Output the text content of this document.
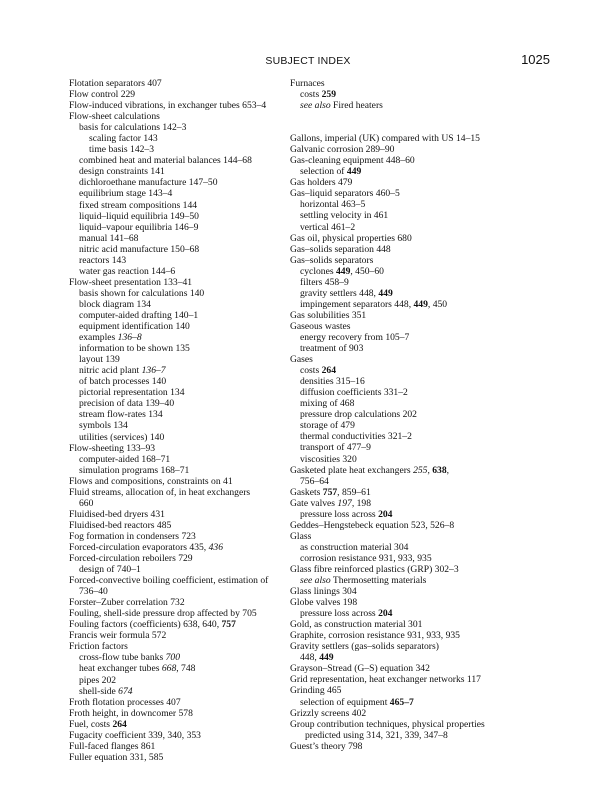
SUBJECT INDEX	1025
Flotation separators 407
Flow control 229
Flow-induced vibrations, in exchanger tubes 653–4
Flow-sheet calculations
basis for calculations 142–3
scaling factor 143
time basis 142–3
combined heat and material balances 144–68
design constraints 141
dichloroethane manufacture 147–50
equilibrium stage 143–4
fixed stream compositions 144
liquid–liquid equilibria 149–50
liquid–vapour equilibria 146–9
manual 141–68
nitric acid manufacture 150–68
reactors 143
water gas reaction 144–6
Flow-sheet presentation 133–41
basis shown for calculations 140
block diagram 134
computer-aided drafting 140–1
equipment identification 140
examples 136–8
information to be shown 135
layout 139
nitric acid plant 136–7
of batch processes 140
pictorial representation 134
precision of data 139–40
stream flow-rates 134
symbols 134
utilities (services) 140
Flow-sheeting 133–93
computer-aided 168–71
simulation programs 168–71
Flows and compositions, constraints on 41
Fluid streams, allocation of, in heat exchangers
660
Fluidised-bed dryers 431
Fluidised-bed reactors 485
Fog formation in condensers 723
Forced-circulation evaporators 435, 436
Forced-circulation reboilers 729
design of 740–1
Forced-convective boiling coefficient, estimation of
736–40
Forster–Zuber correlation 732
Fouling, shell-side pressure drop affected by 705
Fouling factors (coefficients) 638, 640, 757
Francis weir formula 572
Friction factors
cross-flow tube banks 700
heat exchanger tubes 668, 748
pipes 202
shell-side 674
Froth flotation processes 407
Froth height, in downcomer 578
Fuel, costs 264
Fugacity coefficient 339, 340, 353
Full-faced flanges 861
Fuller equation 331, 585
Furnaces
costs 259
see also Fired heaters
Gallons, imperial (UK) compared with US 14–15
Galvanic corrosion 289–90
Gas-cleaning equipment 448–60
selection of 449
Gas holders 479
Gas–liquid separators 460–5
horizontal 463–5
settling velocity in 461
vertical 461–2
Gas oil, physical properties 680
Gas–solids separation 448
Gas–solids separators
cyclones 449, 450–60
filters 458–9
gravity settlers 448, 449
impingement separators 448, 449, 450
Gas solubilities 351
Gaseous wastes
energy recovery from 105–7
treatment of 903
Gases
costs 264
densities 315–16
diffusion coefficients 331–2
mixing of 468
pressure drop calculations 202
storage of 479
thermal conductivities 321–2
transport of 477–9
viscosities 320
Gasketed plate heat exchangers 255, 638,
756–64
Gaskets 757, 859–61
Gate valves 197, 198
pressure loss across 204
Geddes–Hengstebeck equation 523, 526–8
Glass
as construction material 304
corrosion resistance 931, 933, 935
Glass fibre reinforced plastics (GRP) 302–3
see also Thermosetting materials
Glass linings 304
Globe valves 198
pressure loss across 204
Gold, as construction material 301
Graphite, corrosion resistance 931, 933, 935
Gravity settlers (gas–solids separators)
448, 449
Grayson–Stread (G–S) equation 342
Grid representation, heat exchanger networks 117
Grinding 465
selection of equipment 465–7
Grizzly screens 402
Group contribution techniques, physical properties
predicted using 314, 321, 339, 347–8
Guest’s theory 798
